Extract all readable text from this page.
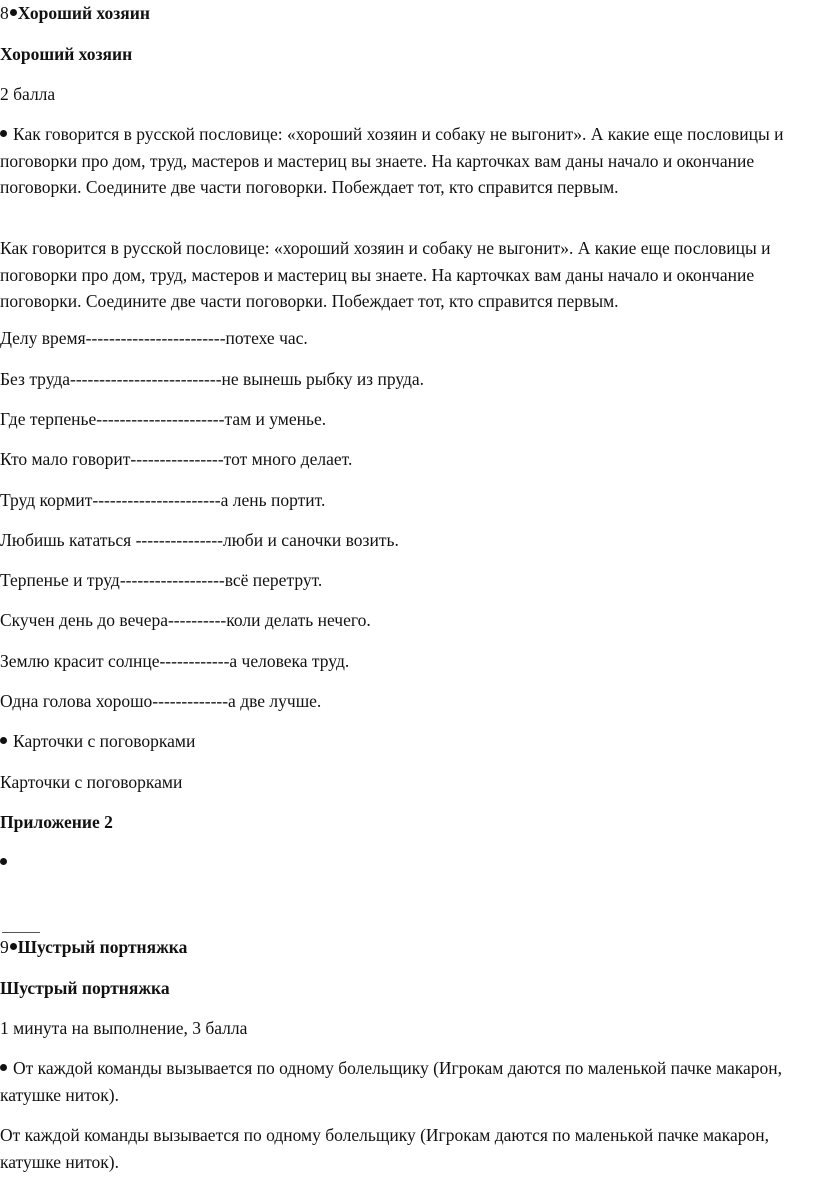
8 Хороший хозяин
Хороший хозяин
2 балла
Как говорится в русской пословице: «хороший хозяин и собаку не выгонит». А какие еще пословицы и поговорки про дом, труд, мастеров и мастериц вы знаете. На карточках вам даны начало и окончание поговорки. Соедините две части поговорки. Побеждает тот, кто справится первым.
Как говорится в русской пословице: «хороший хозяин и собаку не выгонит». А какие еще пословицы и поговорки про дом, труд, мастеров и мастериц вы знаете. На карточках вам даны начало и окончание поговорки. Соедините две части поговорки. Побеждает тот, кто справится первым.
Делу время------------------------потехе час.
Без труда--------------------------не вынешь рыбку из пруда.
Где терпенье----------------------там и уменье.
Кто мало говорит----------------тот много делает.
Труд кормит----------------------а лень портит.
Любишь кататься ---------------люби и саночки возить.
Терпенье и труд------------------всё перетрут.
Скучен день до вечера----------коли делать нечего.
Землю красит солнце------------а человека труд.
Одна голова хорошо-------------а две лучше.
Карточки с поговорками
Карточки с поговорками
Приложение 2
9 Шустрый портняжка
Шустрый портняжка
1 минута на выполнение, 3 балла
От каждой команды вызывается по одному болельщику (Игрокам даются по маленькой пачке макарон, катушке ниток).
От каждой команды вызывается по одному болельщику (Игрокам даются по маленькой пачке макарон, катушке ниток).
